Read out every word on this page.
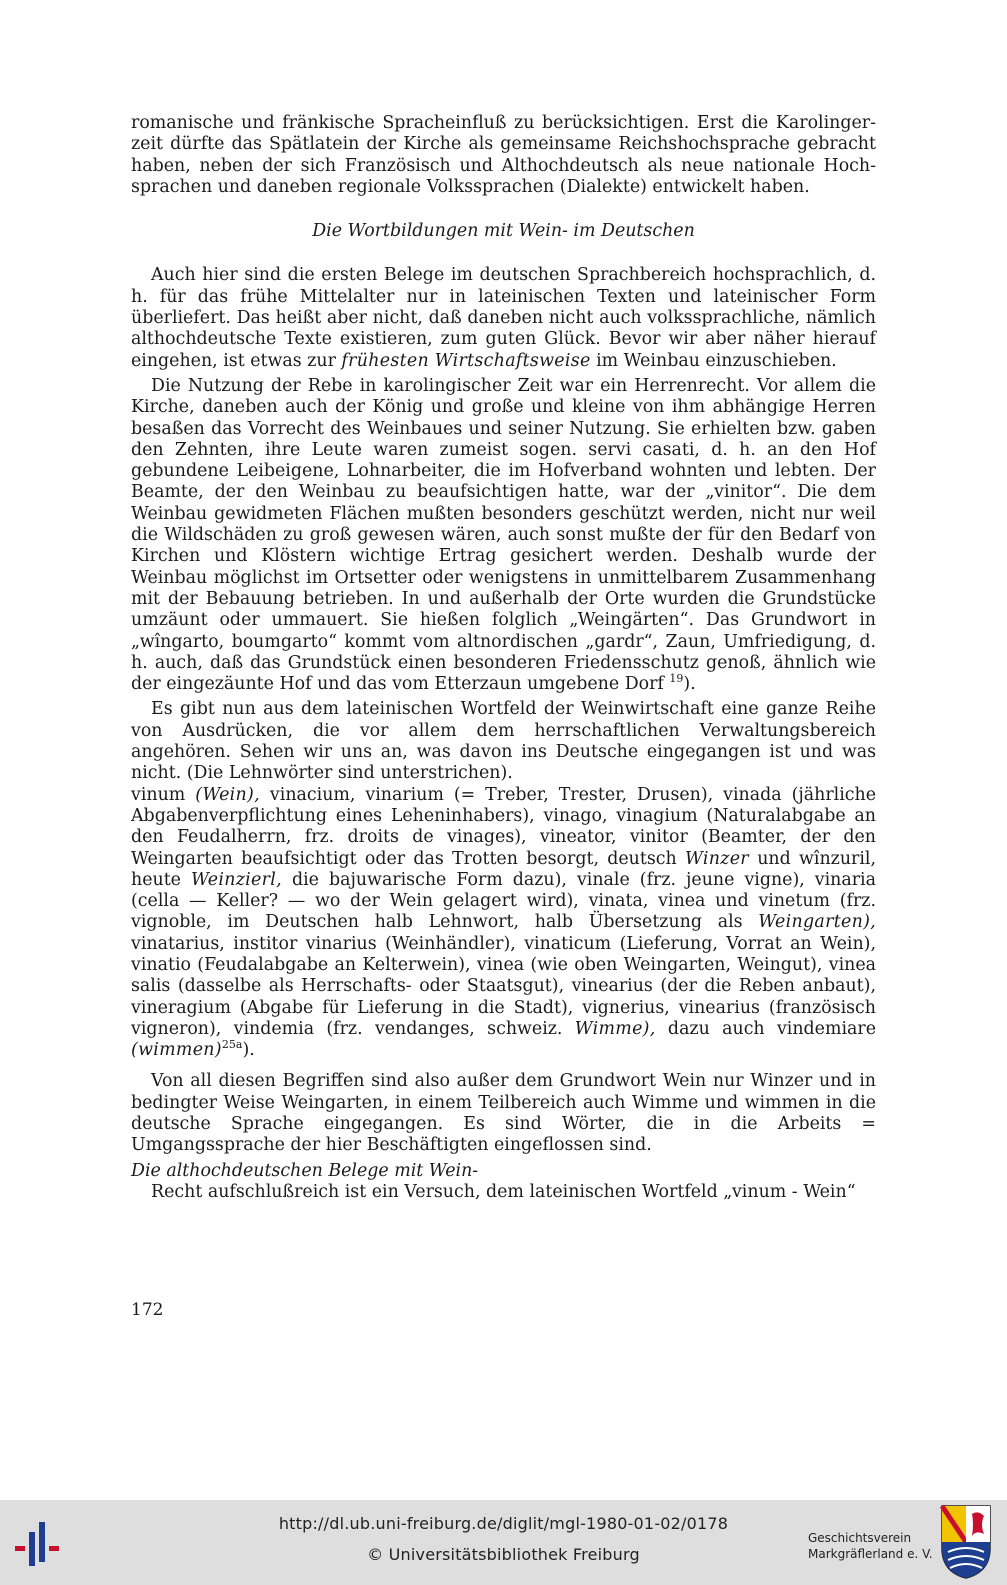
romanische und fränkische Spracheinfluß zu berücksichtigen. Erst die Karolingerzeit dürfte das Spätlatein der Kirche als gemeinsame Reichshochsprache gebracht haben, neben der sich Französisch und Althochdeutsch als neue nationale Hochsprachen und daneben regionale Volkssprachen (Dialekte) entwickelt haben.

Die Wortbildungen mit Wein- im Deutschen

Auch hier sind die ersten Belege im deutschen Sprachbereich hochsprachlich, d. h. für das frühe Mittelalter nur in lateinischen Texten und lateinischer Form überliefert. Das heißt aber nicht, daß daneben nicht auch volkssprachliche, nämlich althochdeutsche Texte existieren, zum guten Glück. Bevor wir aber näher hierauf eingehen, ist etwas zur frühesten Wirtschaftsweise im Weinbau einzuschieben.

Die Nutzung der Rebe in karolingischer Zeit war ein Herrenrecht. Vor allem die Kirche, daneben auch der König und große und kleine von ihm abhängige Herren besaßen das Vorrecht des Weinbaues und seiner Nutzung. Sie erhielten bzw. gaben den Zehnten, ihre Leute waren zumeist sogen. servi casati, d. h. an den Hof gebundene Leibeigene, Lohnarbeiter, die im Hofverband wohnten und lebten. Der Beamte, der den Weinbau zu beaufsichtigen hatte, war der „vinitor“. Die dem Weinbau gewidmeten Flächen mußten besonders geschützt werden, nicht nur weil die Wildschäden zu groß gewesen wären, auch sonst mußte der für den Bedarf von Kirchen und Klöstern wichtige Ertrag gesichert werden. Deshalb wurde der Weinbau möglichst im Ortsetter oder wenigstens in unmittelbarem Zusammenhang mit der Bebauung betrieben. In und außerhalb der Orte wurden die Grundstücke umzäunt oder ummauert. Sie hießen folglich „Weingärten“. Das Grundwort in „wîngarto, boumgarto“ kommt vom altnordischen „gardr“, Zaun, Umfriedigung, d. h. auch, daß das Grundstück einen besonderen Friedensschutz genoß, ähnlich wie der eingezäunte Hof und das vom Etterzaun umgebene Dorf $^{19}$).

Es gibt nun aus dem lateinischen Wortfeld der Weinwirtschaft eine ganze Reihe von Ausdrücken, die vor allem dem herrschaftlichen Verwaltungsbereich angehören. Sehen wir uns an, was davon ins Deutsche eingegangen ist und was nicht. (Die Lehnwörter sind unterstrichen).

vinum (Wein), vinacium, vinarium (= Treber, Trester, Drusen), vinada (jährliche Abgabenverpflichtung eines Leheninhabers), vinago, vinagium (Naturalabgabe an den Feudalherrn, frz. droits de vinages), vineator, vinitor (Beamter, der den Weingarten beaufsichtigt oder das Trotten besorgt, deutsch Winzer und wînzuril, heute Weinzierl, die bajuwarische Form dazu), vinale (frz. jeune vigne), vinaria (cella — Keller? — wo der Wein gelagert wird), vinata, vinea und vinetum (frz. vignoble, im Deutschen halb Lehnwort, halb Übersetzung als Weingarten), vinatarius, institor vinarius (Weinhändler), vinaticum (Lieferung, Vorrat an Wein), vinatio (Feudalabgabe an Kelterwein), vinea (wie oben Weingarten, Weingut), vinea salis (dasselbe als Herrschafts- oder Staatsgut), vinearius (der die Reben anbaut), vineragium (Abgabe für Lieferung in die Stadt), vignerius, vinearius (französisch vigneron), vindemia (frz. vendanges, schweiz. Wimme), dazu auch vindemiare (wimmen)$^{25a}$).

Von all diesen Begriffen sind also außer dem Grundwort Wein nur Winzer und in bedingter Weise Weingarten, in einem Teilbereich auch Wimme und wimmen in die deutsche Sprache eingegangen. Es sind Wörter, die in die Arbeits = Umgangssprache der hier Beschäftigten eingeflossen sind.

Die althochdeutschen Belege mit Wein-

Recht aufschlußreich ist ein Versuch, dem lateinischen Wortfeld „vinum - Wein“

172
http://dl.ub.uni-freiburg.de/diglit/mgl-1980-01-02/0178
© Universitätsbibliothek Freiburg
Geschichtsverein
Markgräflerland e. V.
